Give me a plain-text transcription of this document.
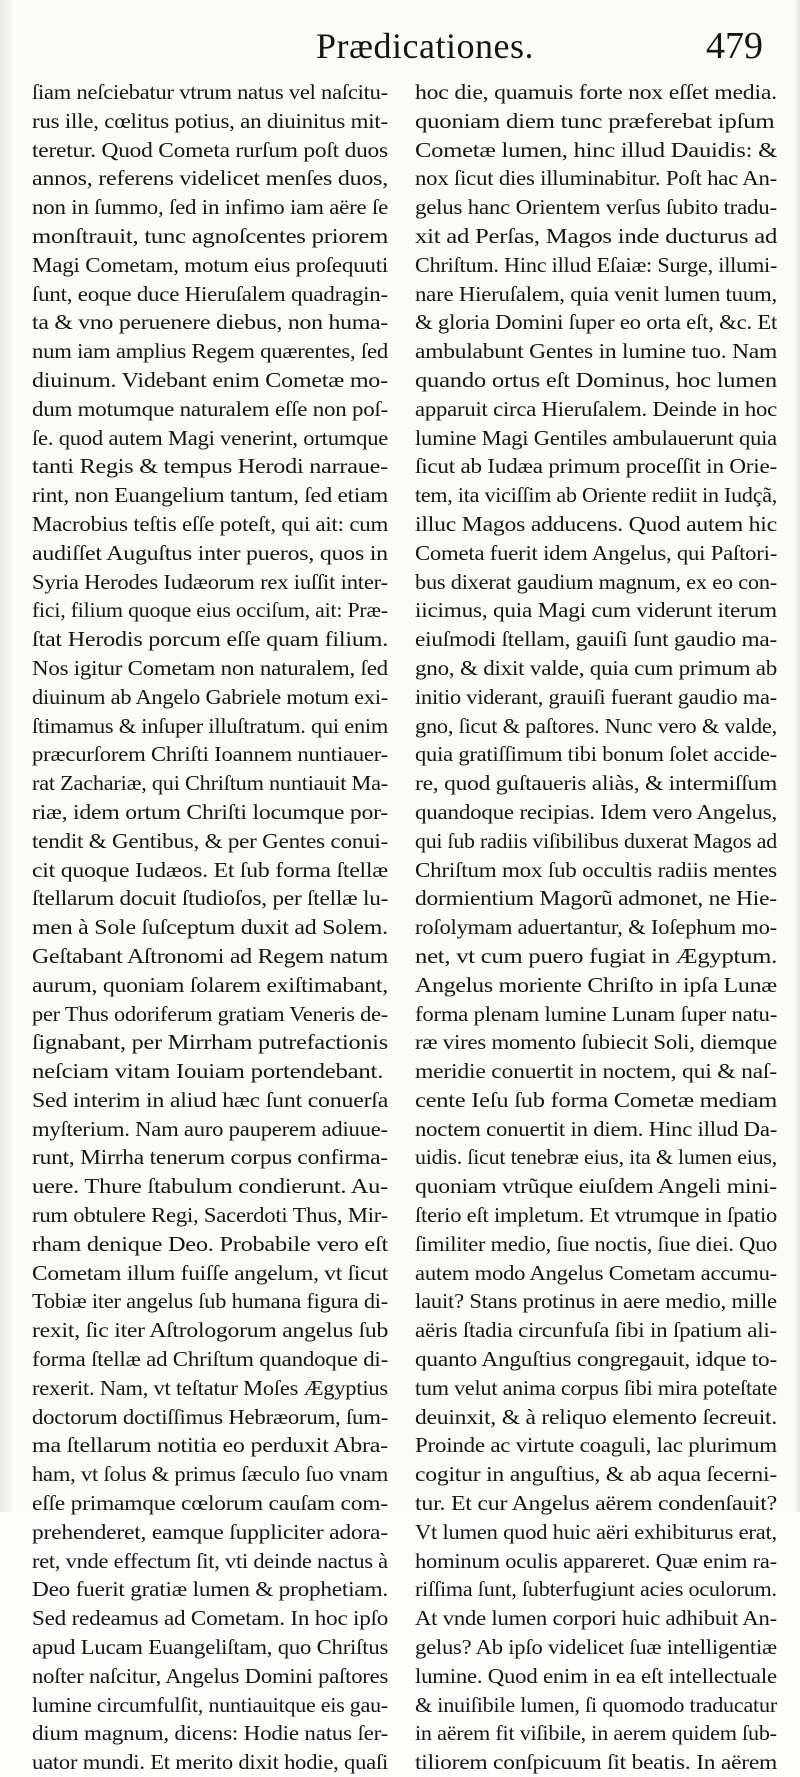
Prædicationes.	479
ſiam neſciebatur vtrum natus vel naſcitu-
rus ille, cœlitus potius, an diuinitus mit-
teretur. Quod Cometa rurſum poſt duos
annos, referens videlicet menſes duos,
non in ſummo, ſed in infimo iam aëre ſe
monſtrauit, tunc agnoſcentes priorem
Magi Cometam, motum eius proſequuti
ſunt, eoque duce Hieruſalem quadragin-
ta & vno peruenere diebus, non huma-
num iam amplius Regem quærentes, ſed
diuinum. Videbant enim Cometæ mo-
dum motumque naturalem eſſe non poſ-
ſe. quod autem Magi venerint, ortumque
tanti Regis & tempus Herodi narraue-
rint, non Euangelium tantum, ſed etiam
Macrobius teſtis eſſe poteſt, qui ait: cum
audiſſet Auguſtus inter pueros, quos in
Syria Herodes Iudæorum rex iuſſit inter-
fici, filium quoque eius occiſum, ait: Præ-
ſtat Herodis porcum eſſe quam filium.
Nos igitur Cometam non naturalem, ſed
diuinum ab Angelo Gabriele motum exi-
ſtimamus & inſuper illuſtratum. qui enim
præcurſorem Chriſti Ioannem nuntiauer-
rat Zachariæ, qui Chriſtum nuntiauit Ma-
riæ, idem ortum Chriſti locumque por-
tendit & Gentibus, & per Gentes conui-
cit quoque Iudæos. Et ſub forma ſtellæ
ſtellarum docuit ſtudioſos, per ſtellæ lu-
men à Sole ſuſceptum duxit ad Solem.
Geſtabant Aſtronomi ad Regem natum
aurum, quoniam ſolarem exiſtimabant,
per Thus odoriferum gratiam Veneris de-
ſignabant, per Mirrham putrefactionis
neſciam vitam Iouiam portendebant.
Sed interim in aliud hæc ſunt conuerſa
myſterium. Nam auro pauperem adiuue-
runt, Mirrha tenerum corpus confirma-
uere. Thure ſtabulum condierunt. Au-
rum obtulere Regi, Sacerdoti Thus, Mir-
rham denique Deo. Probabile vero eſt
Cometam illum fuiſſe angelum, vt ſicut
Tobiæ iter angelus ſub humana figura di-
rexit, ſic iter Aſtrologorum angelus ſub
forma ſtellæ ad Chriſtum quandoque di-
rexerit. Nam, vt teſtatur Moſes Ægyptius
doctorum doctiſſimus Hebræorum, ſum-
ma ſtellarum notitia eo perduxit Abra-
ham, vt ſolus & primus ſæculo ſuo vnam
eſſe primamque cœlorum cauſam com-
prehenderet, eamque ſuppliciter adora-
ret, vnde effectum ſit, vti deinde nactus à
Deo fuerit gratiæ lumen & prophetiam.
Sed redeamus ad Cometam. In hoc ipſo
apud Lucam Euangeliſtam, quo Chriſtus
noſter naſcitur, Angelus Domini paſtores
lumine circumfulſit, nuntiauitque eis gau-
dium magnum, dicens: Hodie natus ſer-
uator mundi. Et merito dixit hodie, quaſi
hoc die, quamuis forte nox eſſet media.
quoniam diem tunc præferebat ipſum
Cometæ lumen, hinc illud Dauidis: &
nox ſicut dies illuminabitur. Poſt hac An-
gelus hanc Orientem verſus ſubito tradu-
xit ad Perſas, Magos inde ducturus ad
Chriſtum. Hinc illud Eſaiæ: Surge, illumi-
nare Hieruſalem, quia venit lumen tuum,
& gloria Domini ſuper eo orta eſt, &c. Et
ambulabunt Gentes in lumine tuo. Nam
quando ortus eſt Dominus, hoc lumen
apparuit circa Hieruſalem. Deinde in hoc
lumine Magi Gentiles ambulauerunt quia
ſicut ab Iudæa primum proceſſit in Orie-
tem, ita viciſſim ab Oriente rediit in Iudçã,
illuc Magos adducens. Quod autem hic
Cometa fuerit idem Angelus, qui Paſtori-
bus dixerat gaudium magnum, ex eo con-
iicimus, quia Magi cum viderunt iterum
eiuſmodi ſtellam, gauiſi ſunt gaudio ma-
gno, & dixit valde, quia cum primum ab
initio viderant, grauiſi fuerant gaudio ma-
gno, ſicut & paſtores. Nunc vero & valde,
quia gratiſſimum tibi bonum ſolet accide-
re, quod guſtaueris aliàs, & intermiſſum
quandoque recipias. Idem vero Angelus,
qui ſub radiis viſibilibus duxerat Magos ad
Chriſtum mox ſub occultis radiis mentes
dormientium Magorũ admonet, ne Hie-
roſolymam aduertantur, & Ioſephum mo-
net, vt cum puero fugiat in Ægyptum.
Angelus moriente Chriſto in ipſa Lunæ
forma plenam lumine Lunam ſuper natu-
ræ vires momento ſubiecit Soli, diemque
meridie conuertit in noctem, qui & naſ-
cente Ieſu ſub forma Cometæ mediam
noctem conuertit in diem. Hinc illud Da-
uidis. ſicut tenebræ eius, ita & lumen eius,
quoniam vtrũque eiuſdem Angeli mini-
ſterio eſt impletum. Et vtrumque in ſpatio
ſimiliter medio, ſiue noctis, ſiue diei. Quo
autem modo Angelus Cometam accumu-
lauit? Stans protinus in aere medio, mille
aëris ſtadia circunfuſa ſibi in ſpatium ali-
quanto Anguſtius congregauit, idque to-
tum velut anima corpus ſibi mira poteſtate
deuinxit, & à reliquo elemento ſecreuit.
Proinde ac virtute coaguli, lac plurimum
cogitur in anguſtius, & ab aqua ſecerni-
tur. Et cur Angelus aërem condenſauit?
Vt lumen quod huic aëri exhibiturus erat,
hominum oculis appareret. Quæ enim ra-
riſſima ſunt, ſubterfugiunt acies oculorum.
At vnde lumen corpori huic adhibuit An-
gelus? Ab ipſo videlicet ſuæ intelligentiæ
lumine. Quod enim in ea eſt intellectuale
& inuiſibile lumen, ſi quomodo traducatur
in aërem fit viſibile, in aerem quidem ſub-
tiliorem conſpicuum ſit beatis. In aërem
